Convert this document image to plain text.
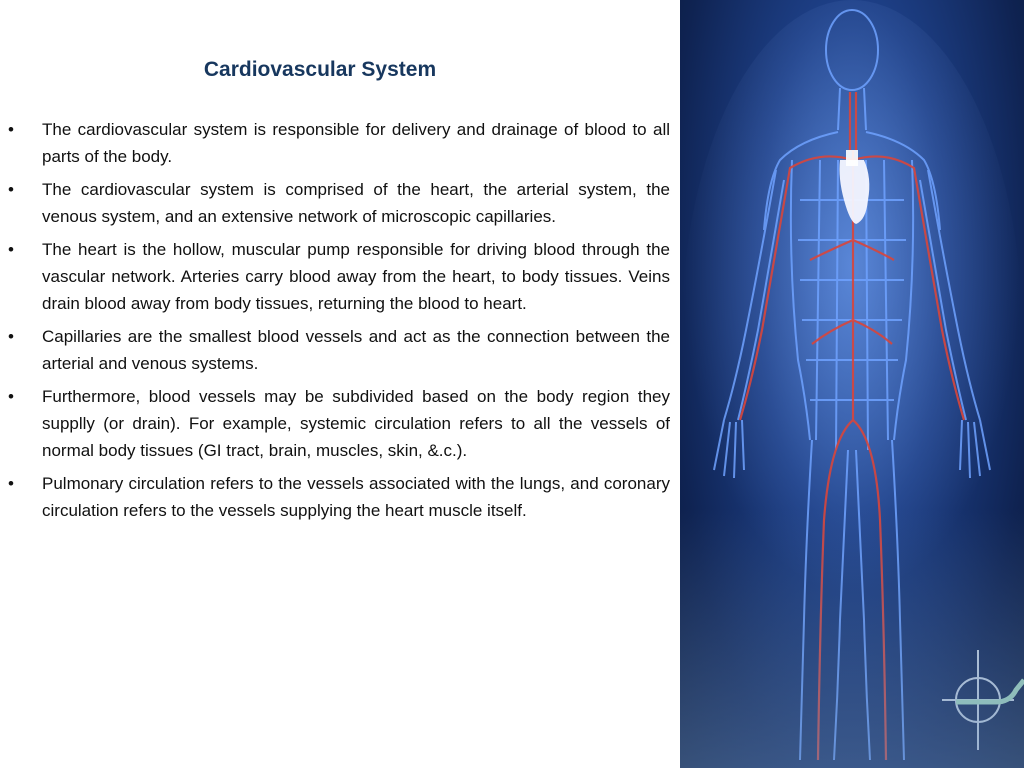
Cardiovascular System
• The cardiovascular system is responsible for delivery and drainage of blood to all parts of the body.
• The cardiovascular system is comprised of the heart, the arterial system, the venous system, and an extensive network of microscopic capillaries.
• The heart is the hollow, muscular pump responsible for driving blood through the vascular network. Arteries carry blood away from the heart, to body tissues. Veins drain blood away from body tissues, returning the blood to heart.
• Capillaries are the smallest blood vessels and act as the connection between the arterial and venous systems.
• Furthermore, blood vessels may be subdivided based on the body region they supplly (or drain). For example, systemic circulation refers to all the vessels of normal body tissues (GI tract, brain, muscles, skin, &.c.).
• Pulmonary circulation refers to the vessels associated with the lungs, and coronary circulation refers to the vessels supplying the heart muscle itself.
